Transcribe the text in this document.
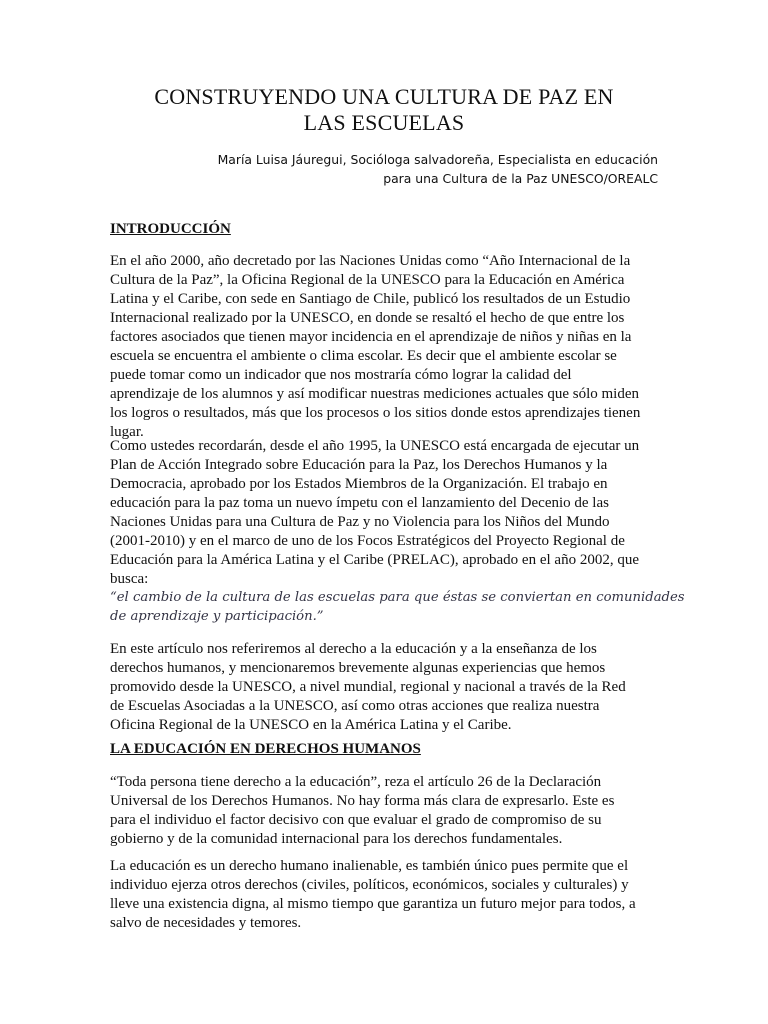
CONSTRUYENDO UNA CULTURA DE PAZ EN
LAS ESCUELAS
María Luisa Jáuregui, Socióloga salvadoreña, Especialista en educación
para una Cultura de la Paz UNESCO/OREALC
INTRODUCCIÓN
En el año 2000, año decretado por las Naciones Unidas como “Año Internacional de la
Cultura de la Paz”, la Oficina Regional de la UNESCO para la Educación en América
Latina y el Caribe, con sede en Santiago de Chile, publicó los resultados de un Estudio
Internacional realizado por la UNESCO, en donde se resaltó el hecho de que entre los
factores asociados que tienen mayor incidencia en el aprendizaje de niños y niñas en la
escuela se encuentra el ambiente o clima escolar. Es decir que el ambiente escolar se
puede tomar como un indicador que nos mostraría cómo lograr la calidad del
aprendizaje de los alumnos y así modificar nuestras mediciones actuales que sólo miden
los logros o resultados, más que los procesos o los sitios donde estos aprendizajes tienen
lugar.
Como ustedes recordarán, desde el año 1995, la UNESCO está encargada de ejecutar un
Plan de Acción Integrado sobre Educación para la Paz, los Derechos Humanos y la
Democracia, aprobado por los Estados Miembros de la Organización. El trabajo en
educación para la paz toma un nuevo ímpetu con el lanzamiento del Decenio de las
Naciones Unidas para una Cultura de Paz y no Violencia para los Niños del Mundo
(2001-2010) y en el marco de uno de los Focos Estratégicos del Proyecto Regional de
Educación para la América Latina y el Caribe (PRELAC), aprobado en el año 2002, que
busca:
“el cambio de la cultura de las escuelas para que éstas se conviertan en comunidades
de aprendizaje y participación.”
En este artículo nos referiremos al derecho a la educación y a la enseñanza de los
derechos humanos, y mencionaremos brevemente algunas experiencias que hemos
promovido desde la UNESCO, a nivel mundial, regional y nacional a través de la Red
de Escuelas Asociadas a la UNESCO, así como otras acciones que realiza nuestra
Oficina Regional de la UNESCO en la América Latina y el Caribe.
LA EDUCACIÓN EN DERECHOS HUMANOS
“Toda persona tiene derecho a la educación”, reza el artículo 26 de la Declaración
Universal de los Derechos Humanos. No hay forma más clara de expresarlo. Este es
para el individuo el factor decisivo con que evaluar el grado de compromiso de su
gobierno y de la comunidad internacional para los derechos fundamentales.
La educación es un derecho humano inalienable, es también único pues permite que el
individuo ejerza otros derechos (civiles, políticos, económicos, sociales y culturales) y
lleve una existencia digna, al mismo tiempo que garantiza un futuro mejor para todos, a
salvo de necesidades y temores.
